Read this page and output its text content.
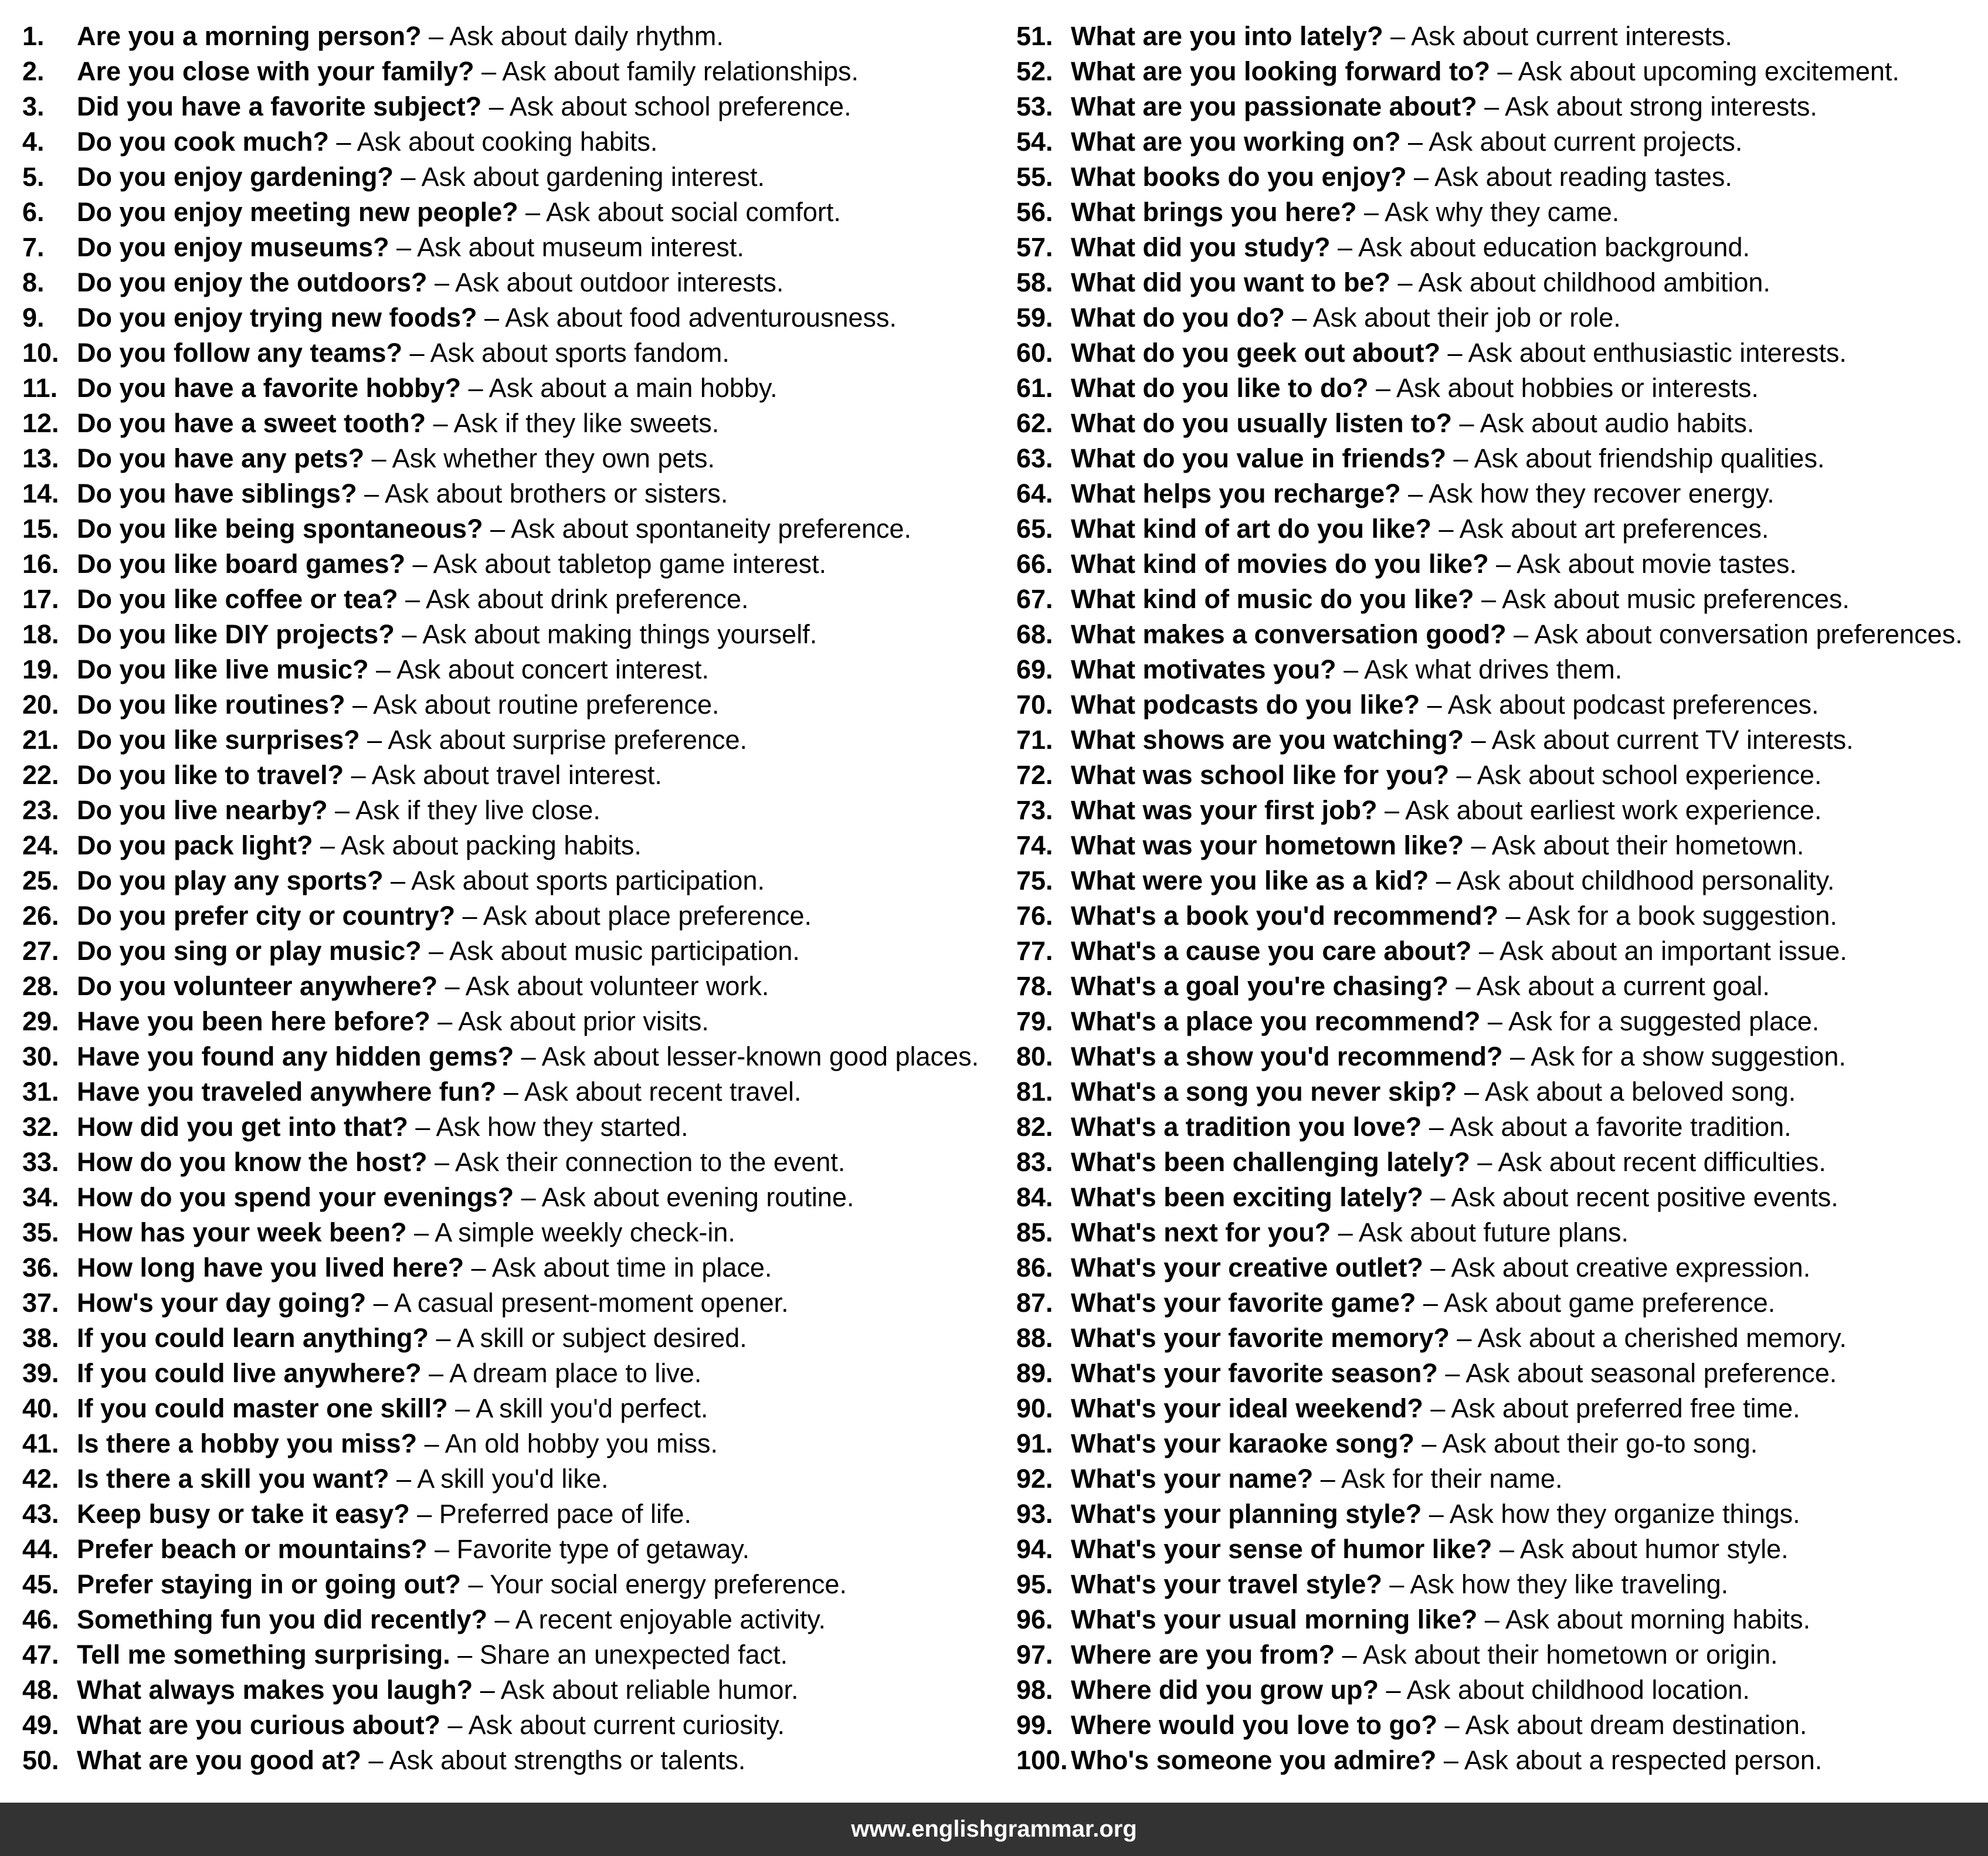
1.	Are you a morning person? – Ask about daily rhythm.
2.	Are you close with your family? – Ask about family relationships.
3.	Did you have a favorite subject? – Ask about school preference.
4.	Do you cook much? – Ask about cooking habits.
5.	Do you enjoy gardening? – Ask about gardening interest.
6.	Do you enjoy meeting new people? – Ask about social comfort.
7.	Do you enjoy museums? – Ask about museum interest.
8.	Do you enjoy the outdoors? – Ask about outdoor interests.
9.	Do you enjoy trying new foods? – Ask about food adventurousness.
10. Do you follow any teams? – Ask about sports fandom.
11. Do you have a favorite hobby? – Ask about a main hobby.
12. Do you have a sweet tooth? – Ask if they like sweets.
13. Do you have any pets? – Ask whether they own pets.
14. Do you have siblings? – Ask about brothers or sisters.
15. Do you like being spontaneous? – Ask about spontaneity preference.
16. Do you like board games? – Ask about tabletop game interest.
17. Do you like coffee or tea? – Ask about drink preference.
18. Do you like DIY projects? – Ask about making things yourself.
19. Do you like live music? – Ask about concert interest.
20. Do you like routines? – Ask about routine preference.
21. Do you like surprises? – Ask about surprise preference.
22. Do you like to travel? – Ask about travel interest.
23. Do you live nearby? – Ask if they live close.
24. Do you pack light? – Ask about packing habits.
25. Do you play any sports? – Ask about sports participation.
26. Do you prefer city or country? – Ask about place preference.
27. Do you sing or play music? – Ask about music participation.
28. Do you volunteer anywhere? – Ask about volunteer work.
29. Have you been here before? – Ask about prior visits.
30. Have you found any hidden gems? – Ask about lesser-known good places.
31. Have you traveled anywhere fun? – Ask about recent travel.
32. How did you get into that? – Ask how they started.
33. How do you know the host? – Ask their connection to the event.
34. How do you spend your evenings? – Ask about evening routine.
35. How has your week been? – A simple weekly check-in.
36. How long have you lived here? – Ask about time in place.
37. How's your day going? – A casual present-moment opener.
38. If you could learn anything? – A skill or subject desired.
39. If you could live anywhere? – A dream place to live.
40. If you could master one skill? – A skill you'd perfect.
41. Is there a hobby you miss? – An old hobby you miss.
42. Is there a skill you want? – A skill you'd like.
43. Keep busy or take it easy? – Preferred pace of life.
44. Prefer beach or mountains? – Favorite type of getaway.
45. Prefer staying in or going out? – Your social energy preference.
46. Something fun you did recently? – A recent enjoyable activity.
47. Tell me something surprising. – Share an unexpected fact.
48. What always makes you laugh? – Ask about reliable humor.
49. What are you curious about? – Ask about current curiosity.
50. What are you good at? – Ask about strengths or talents.
51. What are you into lately? – Ask about current interests.
52. What are you looking forward to? – Ask about upcoming excitement.
53. What are you passionate about? – Ask about strong interests.
54. What are you working on? – Ask about current projects.
55. What books do you enjoy? – Ask about reading tastes.
56. What brings you here? – Ask why they came.
57. What did you study? – Ask about education background.
58. What did you want to be? – Ask about childhood ambition.
59. What do you do? – Ask about their job or role.
60. What do you geek out about? – Ask about enthusiastic interests.
61. What do you like to do? – Ask about hobbies or interests.
62. What do you usually listen to? – Ask about audio habits.
63. What do you value in friends? – Ask about friendship qualities.
64. What helps you recharge? – Ask how they recover energy.
65. What kind of art do you like? – Ask about art preferences.
66. What kind of movies do you like? – Ask about movie tastes.
67. What kind of music do you like? – Ask about music preferences.
68. What makes a conversation good? – Ask about conversation preferences.
69. What motivates you? – Ask what drives them.
70. What podcasts do you like? – Ask about podcast preferences.
71. What shows are you watching? – Ask about current TV interests.
72. What was school like for you? – Ask about school experience.
73. What was your first job? – Ask about earliest work experience.
74. What was your hometown like? – Ask about their hometown.
75. What were you like as a kid? – Ask about childhood personality.
76. What's a book you'd recommend? – Ask for a book suggestion.
77. What's a cause you care about? – Ask about an important issue.
78. What's a goal you're chasing? – Ask about a current goal.
79. What's a place you recommend? – Ask for a suggested place.
80. What's a show you'd recommend? – Ask for a show suggestion.
81. What's a song you never skip? – Ask about a beloved song.
82. What's a tradition you love? – Ask about a favorite tradition.
83. What's been challenging lately? – Ask about recent difficulties.
84. What's been exciting lately? – Ask about recent positive events.
85. What's next for you? – Ask about future plans.
86. What's your creative outlet? – Ask about creative expression.
87. What's your favorite game? – Ask about game preference.
88. What's your favorite memory? – Ask about a cherished memory.
89. What's your favorite season? – Ask about seasonal preference.
90. What's your ideal weekend? – Ask about preferred free time.
91. What's your karaoke song? – Ask about their go-to song.
92. What's your name? – Ask for their name.
93. What's your planning style? – Ask how they organize things.
94. What's your sense of humor like? – Ask about humor style.
95. What's your travel style? – Ask how they like traveling.
96. What's your usual morning like? – Ask about morning habits.
97. Where are you from? – Ask about their hometown or origin.
98. Where did you grow up? – Ask about childhood location.
99. Where would you love to go? – Ask about dream destination.
100. Who's someone you admire? – Ask about a respected person.
www.englishgrammar.org
